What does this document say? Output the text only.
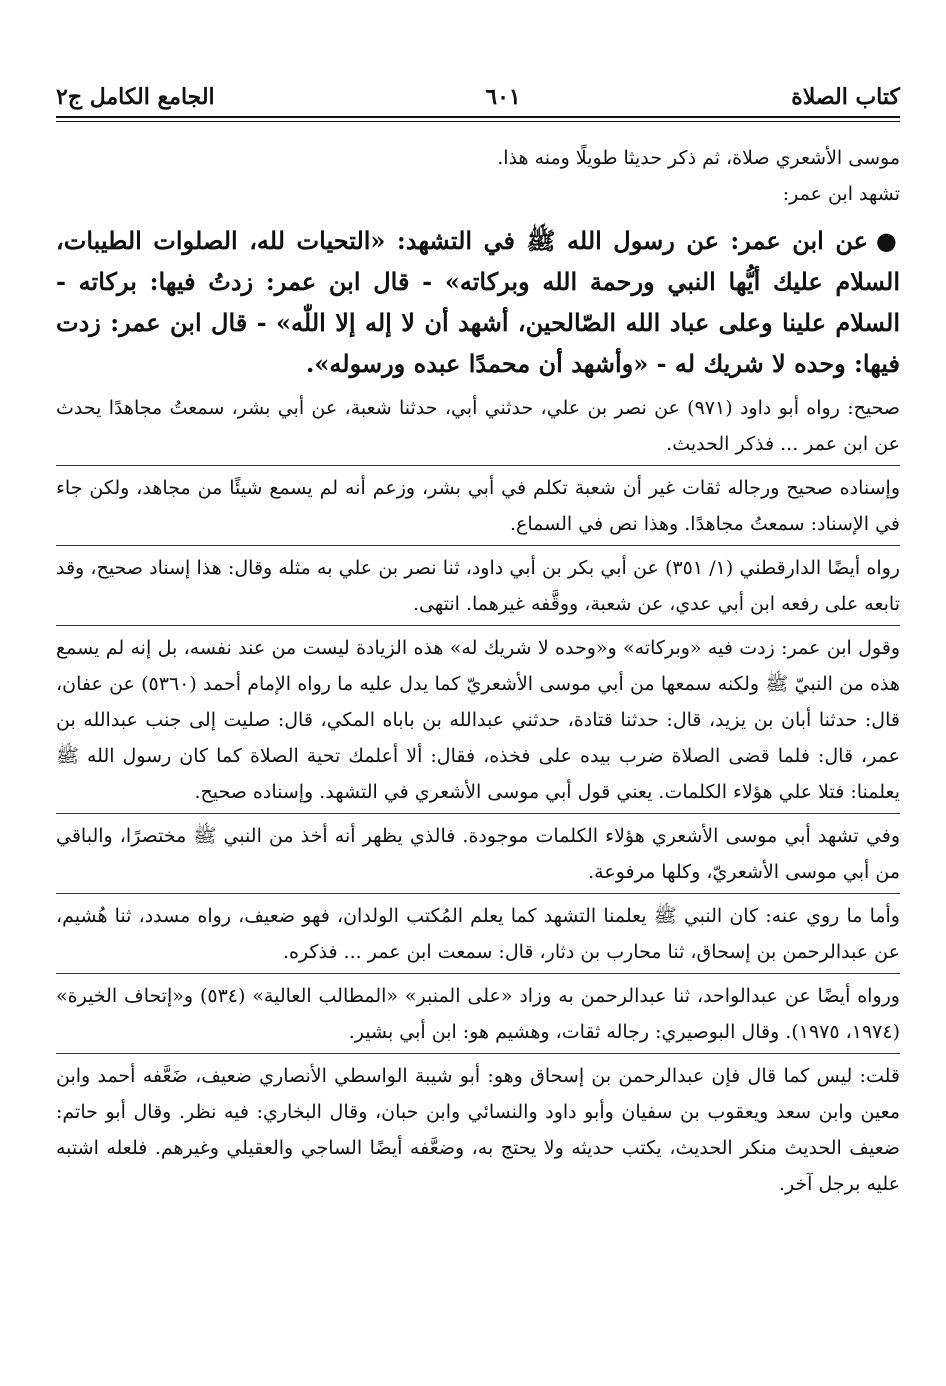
كتاب الصلاة
٦٠١
الجامع الكامل ج٢

موسى الأشعري صلاة، ثم ذكر حديثا طويلًا ومنه هذا.

تشهد ابن عمر:

●عن ابن عمر: عن رسول الله ﷺ في التشهد: «التحيات لله، الصلوات الطيبات، السلام عليك أيُّها النبي ورحمة الله وبركاته» - قال ابن عمر: زدتُ فيها: بركاته - السلام علينا وعلى عباد الله الصّالحين، أشهد أن لا إله إلا اللّٰه» - قال ابن عمر: زدت فيها: وحده لا شريك له - «وأشهد أن محمدًا عبده ورسوله».

صحيح: رواه أبو داود (٩٧١) عن نصر بن علي، حدثني أبي، حدثنا شعبة، عن أبي بشر، سمعتُ مجاهدًا يحدث عن ابن عمر ... فذكر الحديث.

وإسناده صحيح ورجاله ثقات غير أن شعبة تكلم في أبي بشر، وزعم أنه لم يسمع شيئًا من مجاهد، ولكن جاء في الإسناد: سمعتُ مجاهدًا. وهذا نص في السماع.

رواه أيضًا الدارقطني (١/ ٣٥١) عن أبي بكر بن أبي داود، ثنا نصر بن علي به مثله وقال: هذا إسناد صحيح، وقد تابعه على رفعه ابن أبي عدي، عن شعبة، ووقَّفه غيرهما. انتهى.

وقول ابن عمر: زدت فيه «وبركاته» و«وحده لا شريك له» هذه الزيادة ليست من عند نفسه، بل إنه لم يسمع هذه من النبيّ ﷺ ولكنه سمعها من أبي موسى الأشعريّ كما يدل عليه ما رواه الإمام أحمد (٥٣٦٠) عن عفان، قال: حدثنا أبان بن يزيد، قال: حدثنا قتادة، حدثني عبدالله بن باباه المكي، قال: صليت إلى جنب عبدالله بن عمر، قال: فلما قضى الصلاة ضرب بيده على فخذه، فقال: ألا أعلمك تحية الصلاة كما كان رسول الله ﷺ يعلمنا: فتلا علي هؤلاء الكلمات. يعني قول أبي موسى الأشعري في التشهد. وإسناده صحيح.

وفي تشهد أبي موسى الأشعري هؤلاء الكلمات موجودة. فالذي يظهر أنه أخذ من النبي ﷺ مختصرًا، والباقي من أبي موسى الأشعريّ، وكلها مرفوعة.

وأما ما روي عنه: كان النبي ﷺ يعلمنا التشهد كما يعلم المُكتب الولدان، فهو ضعيف، رواه مسدد، ثنا هُشيم، عن عبدالرحمن بن إسحاق، ثنا محارب بن دثار، قال: سمعت ابن عمر ... فذكره.

ورواه أيضًا عن عبدالواحد، ثنا عبدالرحمن به وزاد «على المنبر» «المطالب العالية» (٥٣٤) و«إتحاف الخيرة» (١٩٧٤، ١٩٧٥). وقال البوصيري: رجاله ثقات، وهشيم هو: ابن أبي بشير.

قلت: ليس كما قال فإن عبدالرحمن بن إسحاق وهو: أبو شيبة الواسطي الأنصاري ضعيف، ضَعَّفه أحمد وابن معين وابن سعد ويعقوب بن سفيان وأبو داود والنسائي وابن حبان، وقال البخاري: فيه نظر. وقال أبو حاتم: ضعيف الحديث منكر الحديث، يكتب حديثه ولا يحتج به، وضعَّفه أيضًا الساجي والعقيلي وغيرهم. فلعله اشتبه عليه برجل آخر.
